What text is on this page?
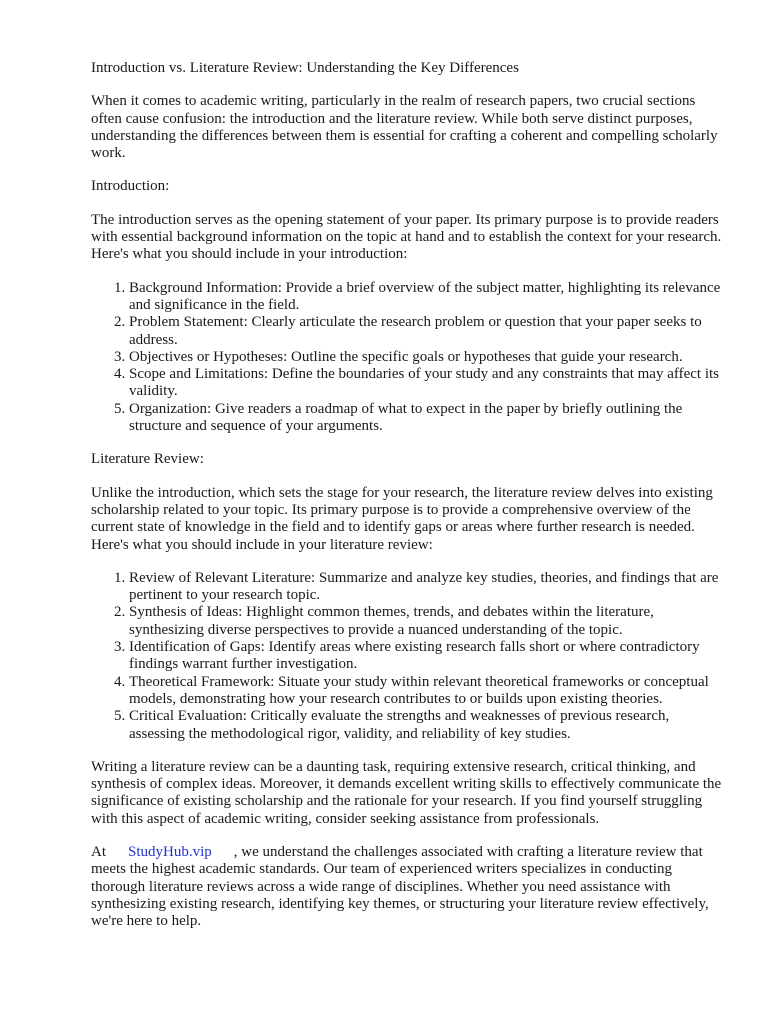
Introduction vs. Literature Review: Understanding the Key Differences

When it comes to academic writing, particularly in the realm of research papers, two crucial sections often cause confusion: the introduction and the literature review. While both serve distinct purposes, understanding the differences between them is essential for crafting a coherent and compelling scholarly work.

Introduction:

The introduction serves as the opening statement of your paper. Its primary purpose is to provide readers with essential background information on the topic at hand and to establish the context for your research. Here's what you should include in your introduction:

1. Background Information: Provide a brief overview of the subject matter, highlighting its relevance and significance in the field.
2. Problem Statement: Clearly articulate the research problem or question that your paper seeks to address.
3. Objectives or Hypotheses: Outline the specific goals or hypotheses that guide your research.
4. Scope and Limitations: Define the boundaries of your study and any constraints that may affect its validity.
5. Organization: Give readers a roadmap of what to expect in the paper by briefly outlining the structure and sequence of your arguments.
Literature Review:

Unlike the introduction, which sets the stage for your research, the literature review delves into existing scholarship related to your topic. Its primary purpose is to provide a comprehensive overview of the current state of knowledge in the field and to identify gaps or areas where further research is needed. Here's what you should include in your literature review:

1. Review of Relevant Literature: Summarize and analyze key studies, theories, and findings that are pertinent to your research topic.
2. Synthesis of Ideas: Highlight common themes, trends, and debates within the literature, synthesizing diverse perspectives to provide a nuanced understanding of the topic.
3. Identification of Gaps: Identify areas where existing research falls short or where contradictory findings warrant further investigation.
4. Theoretical Framework: Situate your study within relevant theoretical frameworks or conceptual models, demonstrating how your research contributes to or builds upon existing theories.
5. Critical Evaluation: Critically evaluate the strengths and weaknesses of previous research, assessing the methodological rigor, validity, and reliability of key studies.

Writing a literature review can be a daunting task, requiring extensive research, critical thinking, and synthesis of complex ideas. Moreover, it demands excellent writing skills to effectively communicate the significance of existing scholarship and the rationale for your research. If you find yourself struggling with this aspect of academic writing, consider seeking assistance from professionals.

At StudyHub.vip , we understand the challenges associated with crafting a literature review that meets the highest academic standards. Our team of experienced writers specializes in conducting thorough literature reviews across a wide range of disciplines. Whether you need assistance with synthesizing existing research, identifying key themes, or structuring your literature review effectively, we're here to help.
